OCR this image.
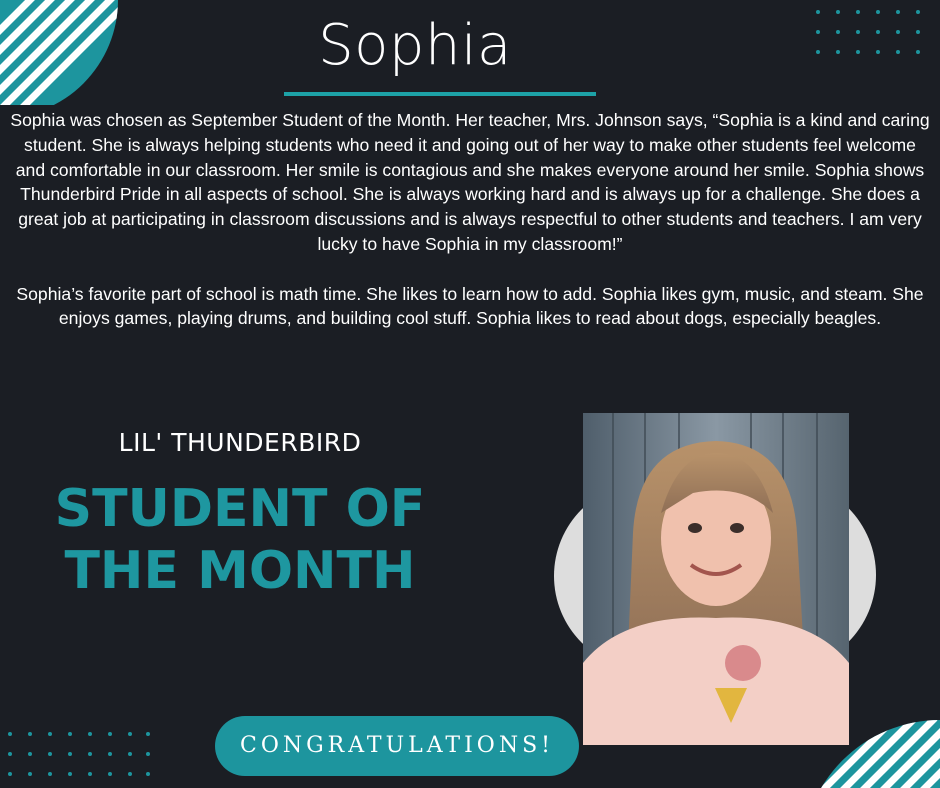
Sophia

Sophia was chosen as September Student of the Month. Her teacher, Mrs. Johnson says, “Sophia is a kind and caring student. She is always helping students who need it and going out of her way to make other students feel welcome and comfortable in our classroom. Her smile is contagious and she makes everyone around her smile. Sophia shows Thunderbird Pride in all aspects of school. She is always working hard and is always up for a challenge. She does a great job at participating in classroom discussions and is always respectful to other students and teachers. I am very lucky to have Sophia in my classroom!”

Sophia’s favorite part of school is math time. She likes to learn how to add. Sophia likes gym, music, and steam. She enjoys games, playing drums, and building cool stuff. Sophia likes to read about dogs, especially beagles.

LIL' THUNDERBIRD
STUDENT OF
THE MONTH
CONGRATULATIONS!
